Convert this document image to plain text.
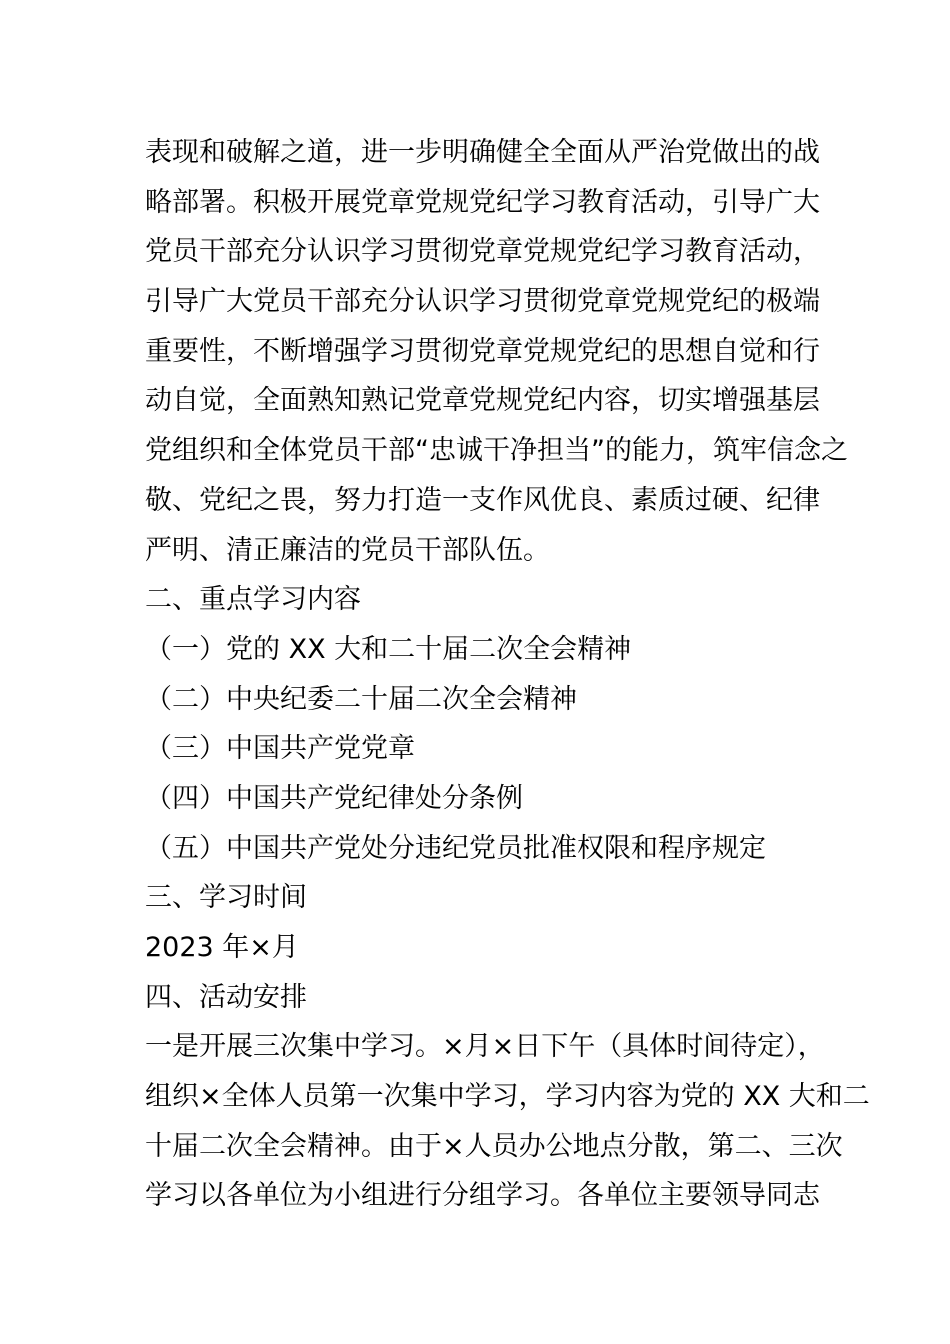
表现和破解之道，进一步明确健全全面从严治党做出的战
略部署。积极开展党章党规党纪学习教育活动，引导广大
党员干部充分认识学习贯彻党章党规党纪学习教育活动，
引导广大党员干部充分认识学习贯彻党章党规党纪的极端
重要性，不断增强学习贯彻党章党规党纪的思想自觉和行
动自觉，全面熟知熟记党章党规党纪内容，切实增强基层
党组织和全体党员干部“忠诚干净担当”的能力，筑牢信念之
敬、党纪之畏，努力打造一支作风优良、素质过硬、纪律
严明、清正廉洁的党员干部队伍。
二、重点学习内容
（一）党的 XX 大和二十届二次全会精神
（二）中央纪委二十届二次全会精神
（三）中国共产党党章
（四）中国共产党纪律处分条例
（五）中国共产党处分违纪党员批准权限和程序规定
三、学习时间
2023 年×月
四、活动安排
一是开展三次集中学习。×月×日下午（具体时间待定），
组织×全体人员第一次集中学习，学习内容为党的 XX 大和二
十届二次全会精神。由于×人员办公地点分散，第二、三次
学习以各单位为小组进行分组学习。各单位主要领导同志
